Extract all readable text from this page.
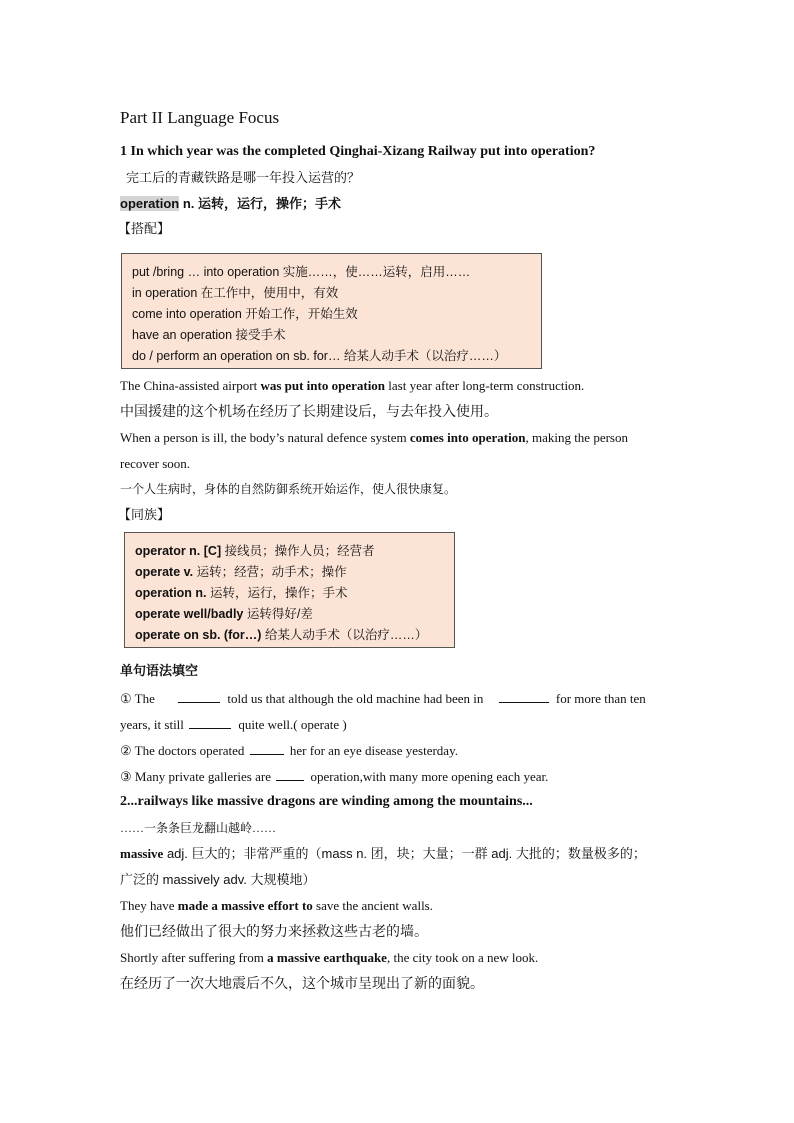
Part II Language Focus
1 In which year was the completed Qinghai-Xizang Railway put into operation?
完工后的青藏铁路是哪一年投入运营的？
operation n. 运转，运行，操作；手术
【搭配】
put /bring … into operation 实施……，使……运转，启用……
in operation 在工作中，使用中，有效
come into operation 开始工作，开始生效
have an operation 接受手术
do / perform an operation on sb. for… 给某人动手术（以治疗……）
The China-assisted airport was put into operation last year after long-term construction.
中国援建的这个机场在经历了长期建设后，与去年投入使用。
When a person is ill, the body’s natural defence system comes into operation, making the person
recover soon.
一个人生病时，身体的自然防御系统开始运作，使人很快康复。
【同族】
operator n. [C] 接线员；操作人员；经营者
operate v. 运转；经营；动手术；操作
operation n. 运转，运行，操作；手术
operate well/badly 运转得好/差
operate on sb. (for…) 给某人动手术（以治疗……）
单句语法填空
① The	told us that although the old machine had been in	for more than ten
years, it still	quite well.( operate )
② The doctors operated	her for an eye disease yesterday.
③ Many private galleries are	operation,with many more opening each year.
2...railways like massive dragons are winding among the mountains...
……一条条巨龙翻山越岭……
massive adj. 巨大的；非常严重的（mass n. 团，块；大量；一群 adj. 大批的；数量极多的；
广泛的 massively adv. 大规模地）
They have made a massive effort to save the ancient walls.
他们已经做出了很大的努力来拯救这些古老的墙。
Shortly after suffering from a massive earthquake, the city took on a new look.
在经历了一次大地震后不久，这个城市呈现出了新的面貌。
